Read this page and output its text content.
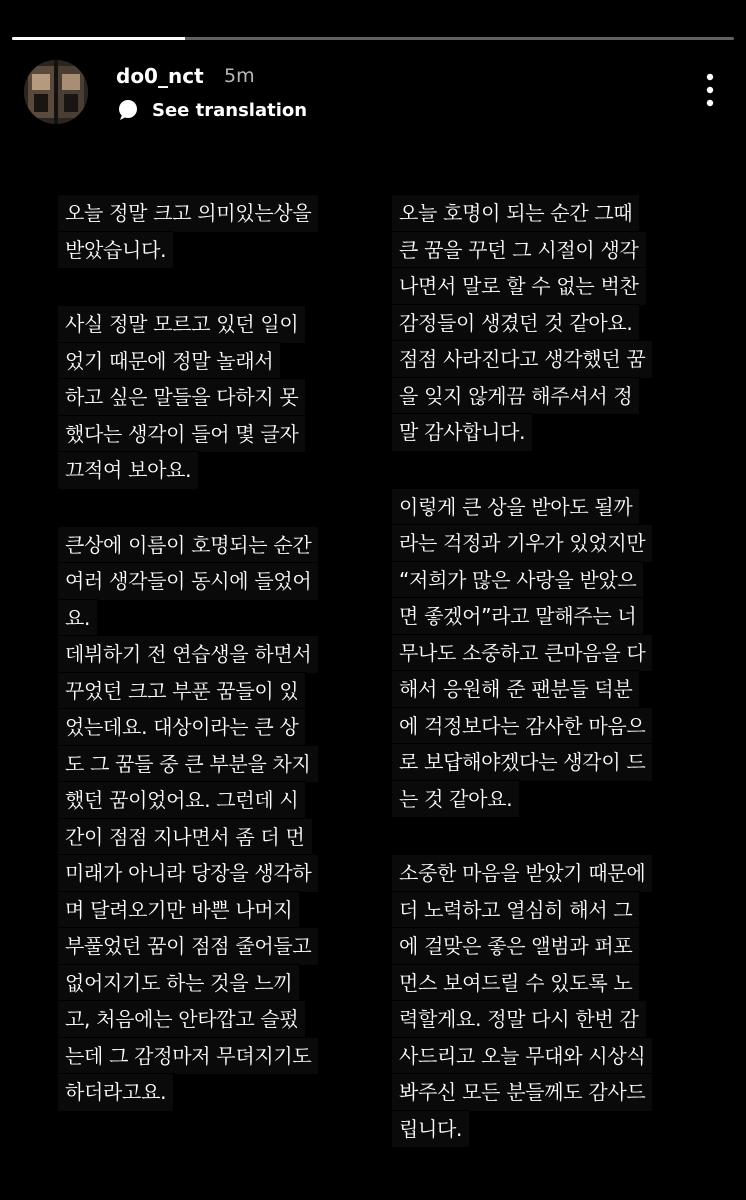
do0_nct 5m
See translation
오늘 정말 크고 의미있는상을
받았습니다.
사실 정말 모르고 있던 일이
었기 때문에 정말 놀래서
하고 싶은 말들을 다하지 못
했다는 생각이 들어 몇 글자
끄적여 보아요.
큰상에 이름이 호명되는 순간
여러 생각들이 동시에 들었어
요.
데뷔하기 전 연습생을 하면서
꾸었던 크고 부푼 꿈들이 있
었는데요. 대상이라는 큰 상
도 그 꿈들 중 큰 부분을 차지
했던 꿈이었어요. 그런데 시
간이 점점 지나면서 좀 더 먼
미래가 아니라 당장을 생각하
며 달려오기만 바쁜 나머지
부풀었던 꿈이 점점 줄어들고
없어지기도 하는 것을 느끼
고, 처음에는 안타깝고 슬펐
는데 그 감정마저 무뎌지기도
하더라고요.
오늘 호명이 되는 순간 그때
큰 꿈을 꾸던 그 시절이 생각
나면서 말로 할 수 없는 벅찬
감정들이 생겼던 것 같아요.
점점 사라진다고 생각했던 꿈
을 잊지 않게끔 해주셔서 정
말 감사합니다.
이렇게 큰 상을 받아도 될까
라는 걱정과 기우가 있었지만
“저희가 많은 사랑을 받았으
면 좋겠어”라고 말해주는 너
무나도 소중하고 큰마음을 다
해서 응원해 준 팬분들 덕분
에 걱정보다는 감사한 마음으
로 보답해야겠다는 생각이 드
는 것 같아요.
소중한 마음을 받았기 때문에
더 노력하고 열심히 해서 그
에 걸맞은 좋은 앨범과 퍼포
먼스 보여드릴 수 있도록 노
력할게요. 정말 다시 한번 감
사드리고 오늘 무대와 시상식
봐주신 모든 분들께도 감사드
립니다.
